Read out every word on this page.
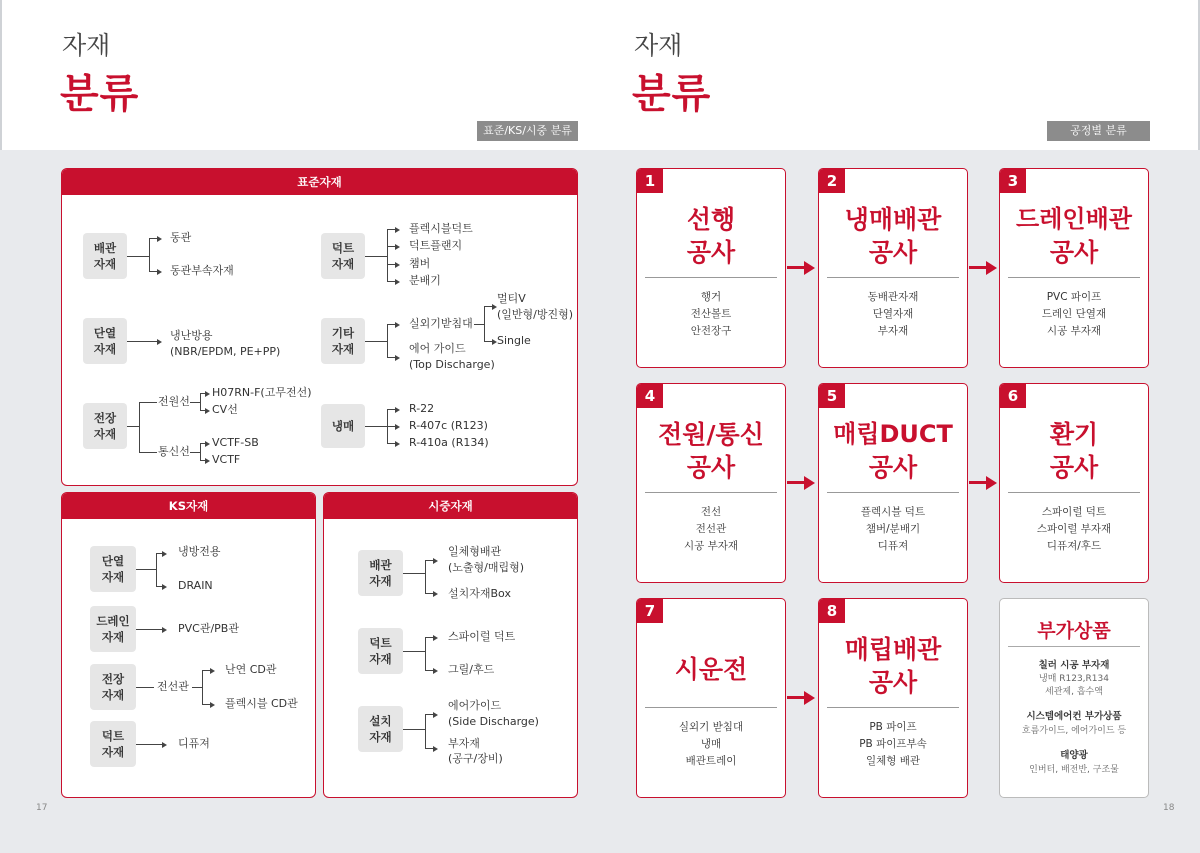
자재
분류
표준/KS/시중 분류
자재
분류
공정별 분류
표준자재
배관
자재
동관
동관부속자재
단열
자재
냉난방용
(NBR/EPDM, PE+PP)
전장
자재
전원선
통신선
H07RN-F(고무전선)
CV선
VCTF-SB
VCTF
덕트
자재
플렉시블덕트
덕트플랜지
챔버
분배기
기타
자재
실외기받침대
멀티V
(일반형/방진형)
Single
에어 가이드
(Top Discharge)
냉매
R-22
R-407c (R123)
R-410a (R134)
KS자재
단열
자재
냉방전용
DRAIN
드레인
자재
PVC관/PB관
전장
자재
전선관
난연 CD관
플렉시블 CD관
덕트
자재
디퓨져
시중자재
배관
자재
일체형배관
(노출형/매립형)
설치자재Box
덕트
자재
스파이럴 덕트
그릴/후드
설치
자재
에어가이드
(Side Discharge)
부자재
(공구/장비)
17
1
선행
공사
행거
전산볼트
안전장구
2
냉매배관
공사
동배관자재
단열자재
부자재
3
드레인배관
공사
PVC 파이프
드레인 단열재
시공 부자재
4
전원/통신
공사
전선
전선관
시공 부자재
5
매립DUCT
공사
플렉시블 덕트
챔버/분배기
디퓨져
6
환기
공사
스파이럴 덕트
스파이럴 부자재
디퓨져/후드
7
시운전
실외기 받침대
냉매
배관트레이
8
매립배관
공사
PB 파이프
PB 파이프부속
일체형 배관
부가상품
칠러 시공 부자재
냉매 R123,R134
세관제, 흡수액
시스템에어컨 부가상품
흐름가이드, 에어가이드 등
태양광
인버터, 배전반, 구조물
18
